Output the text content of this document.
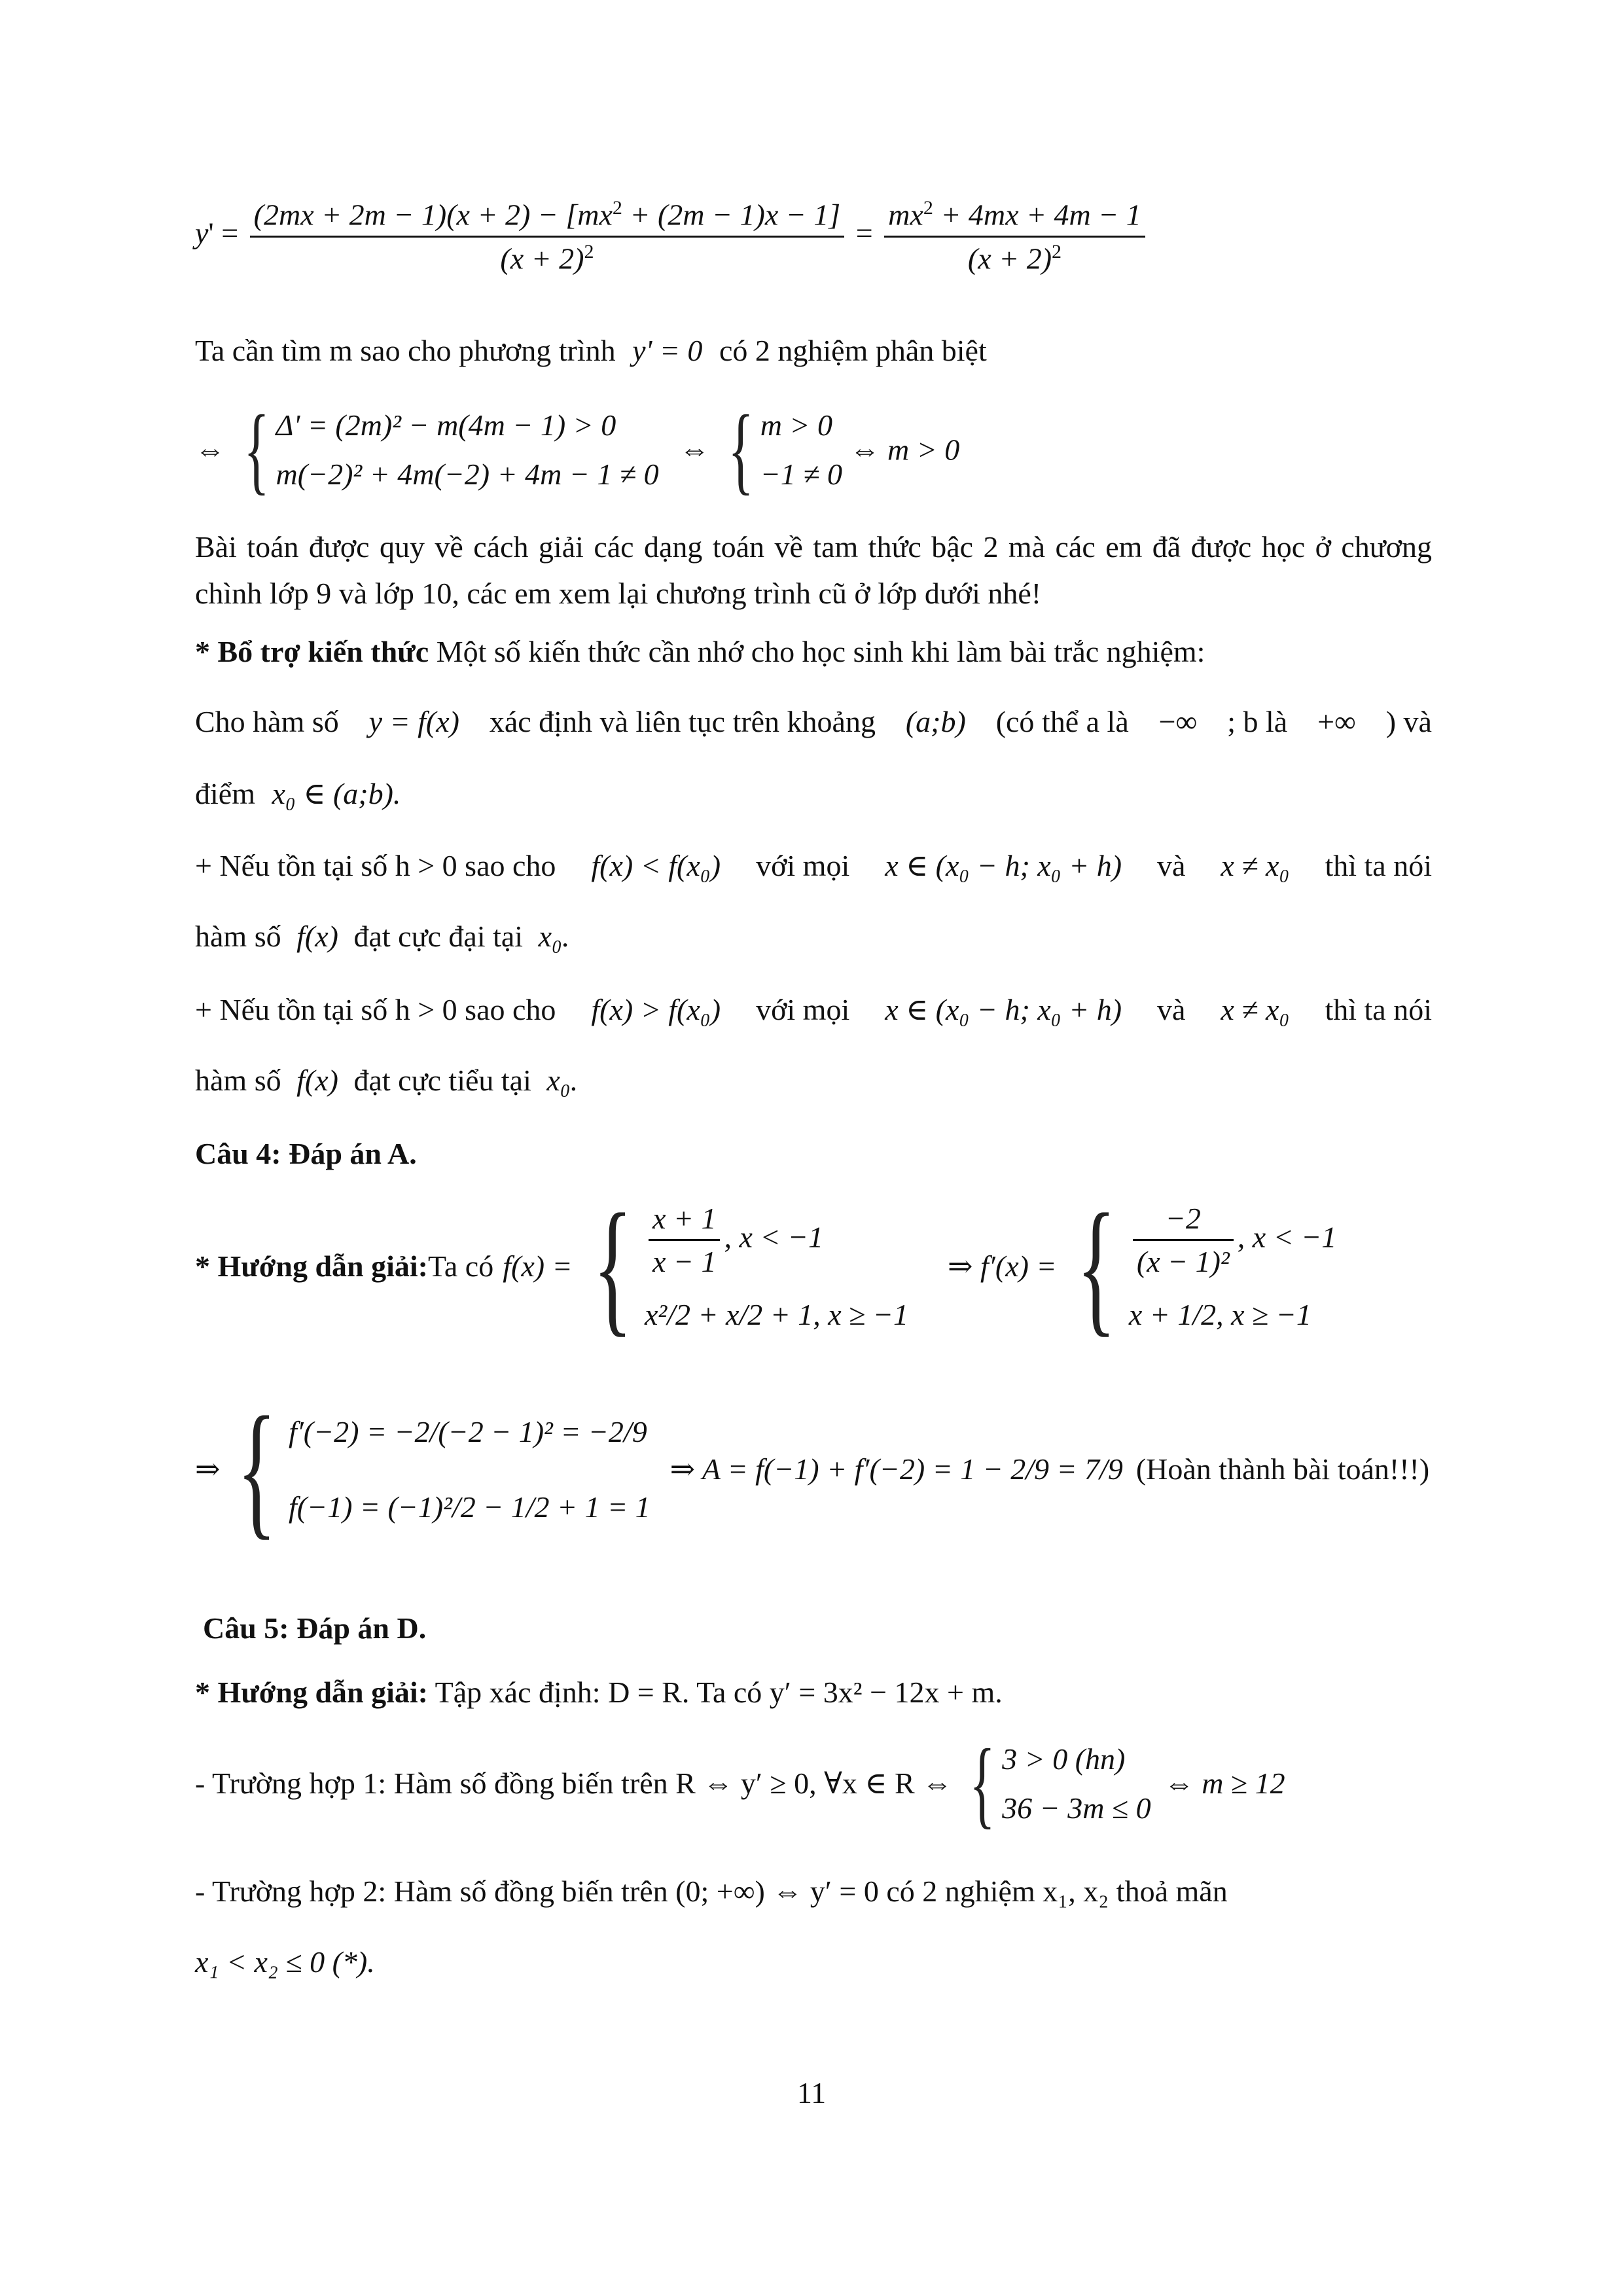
$y' = \frac{(2mx + 2m - 1)(x + 2) - [mx^2 + (2m - 1)x - 1]}{(x + 2)^2} = \frac{mx^2 + 4mx + 4m - 1}{(x + 2)^2}$
Ta cần tìm m sao cho phương trình y' = 0 có 2 nghiệm phân biệt
⇔ { Δ' = (2m)² − m(4m − 1) > 0
m(−2)² + 4m(−2) + 4m − 1 ≠ 0
⇔ { m > 0
−1 ≠ 0
⇔ m > 0
Bài toán được quy về cách giải các dạng toán về tam thức bậc 2 mà các em đã được học ở chương chình lớp 9 và lớp 10, các em xem lại chương trình cũ ở lớp dưới nhé!
* Bổ trợ kiến thức Một số kiến thức cần nhớ cho học sinh khi làm bài trắc nghiệm:
Cho hàm số y = f(x) xác định và liên tục trên khoảng (a;b) (có thể a là −∞ ; b là +∞ ) và
điểm x₀ ∈ (a;b).
+ Nếu tồn tại số h > 0 sao cho f(x) < f(x₀) với mọi x ∈ (x₀ − h; x₀ + h) và x ≠ x₀ thì ta nói
hàm số f(x) đạt cực đại tại x₀.
+ Nếu tồn tại số h > 0 sao cho f(x) > f(x₀) với mọi x ∈ (x₀ − h; x₀ + h) và x ≠ x₀ thì ta nói
hàm số f(x) đạt cực tiểu tại x₀.
Câu 4: Đáp án A.
* Hướng dẫn giải: Ta có f(x) = { $\frac{x + 1}{x - 1}$ , x < −1
x²/2 + x/2 + 1, x ≥ −1
⇒ f′(x) = { $\frac{-2}{\text{(x − 1)²}}$ , x < −1
x + 1/2, x ≥ −1
⇒ { f′(−2) = −2/(−2 − 1)² = −2/9
f(−1) = (−1)²/2 − 1/2 + 1 = 1
⇒ A = f(−1) + f′(−2) = 1 − 2/9 = 7/9 (Hoàn thành bài toán!!!)
Câu 5: Đáp án D.
* Hướng dẫn giải: Tập xác định: D = R. Ta có y′ = 3x² − 12x + m.
- Trường hợp 1: Hàm số đồng biến trên R ⇔ y′ ≥ 0, ∀x ∈ R ⇔ { 3 > 0 (hn)
36 − 3m ≤ 0
⇔ m ≥ 12
- Trường hợp 2: Hàm số đồng biến trên (0; +∞) ⇔ y′ = 0 có 2 nghiệm x₁, x₂ thoả mãn
x₁ < x₂ ≤ 0 (*).
11
